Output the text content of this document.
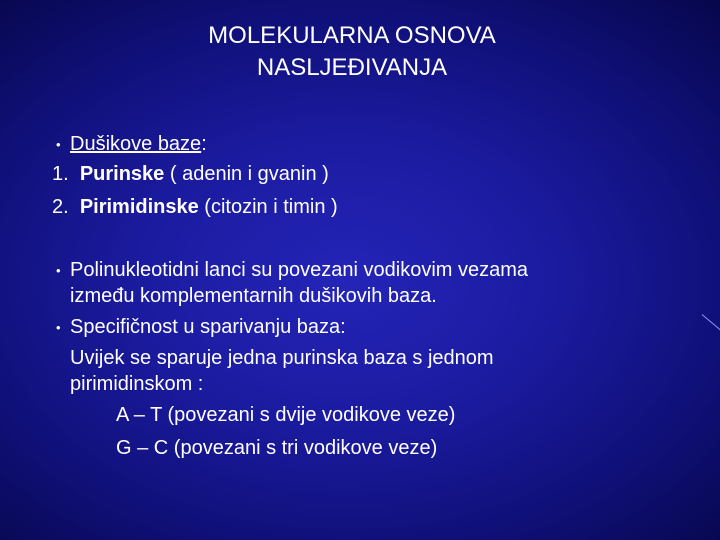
MOLEKULARNA OSNOVA
NASLJEĐIVANJA
• Dušikove baze:
1. Purinske ( adenin i gvanin )
2. Pirimidinske (citozin i timin )
• Polinukleotidni lanci su povezani vodikovim vezama
između komplementarnih dušikovih baza.
• Specifičnost u sparivanju baza:
Uvijek se sparuje jedna purinska baza s jednom
pirimidinskom :
A – T (povezani s dvije vodikove veze)
G – C (povezani s tri vodikove veze)
